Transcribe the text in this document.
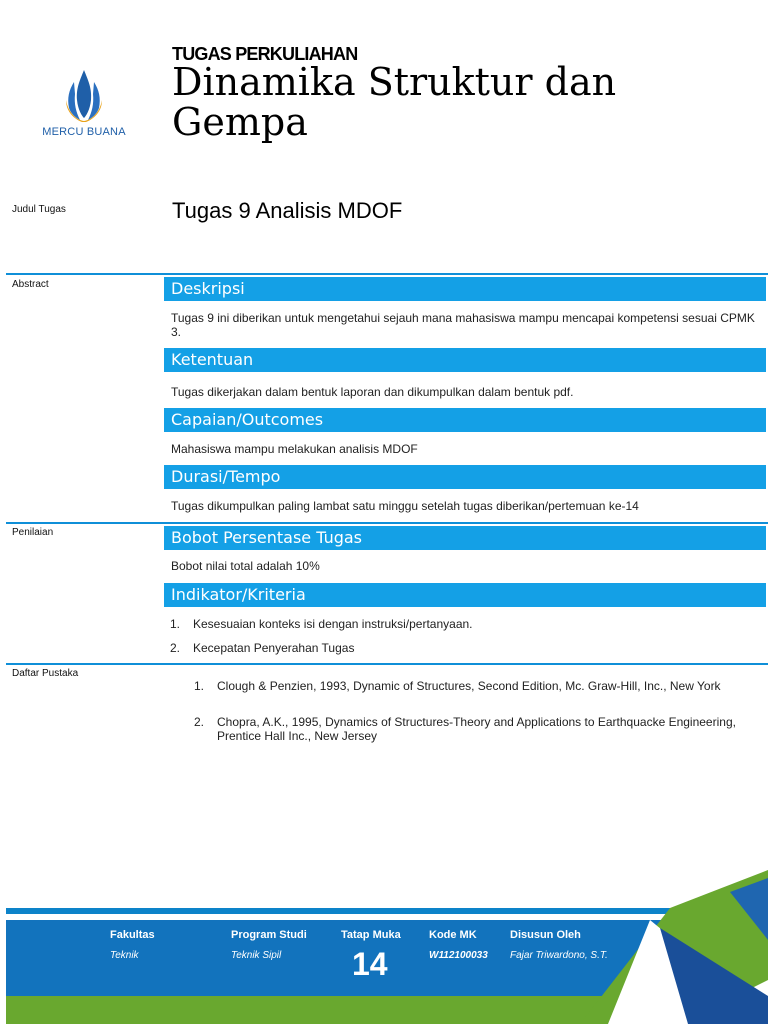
MERCU BUANA
TUGAS PERKULIAHAN
Dinamika Struktur dan Gempa
Judul Tugas	Tugas 9 Analisis MDOF
Abstract	Deskripsi
Tugas 9 ini diberikan untuk mengetahui sejauh mana mahasiswa mampu mencapai kompetensi sesuai CPMK 3.
Ketentuan
Tugas dikerjakan dalam bentuk laporan dan dikumpulkan dalam bentuk pdf.
Capaian/Outcomes
Mahasiswa mampu melakukan analisis MDOF
Durasi/Tempo
Tugas dikumpulkan paling lambat satu minggu setelah tugas diberikan/pertemuan ke-14
Penilaian	Bobot Persentase Tugas
Bobot nilai total adalah 10%
Indikator/Kriteria
1. Kesesuaian konteks isi dengan instruksi/pertanyaan.
2. Kecepatan Penyerahan Tugas
Daftar Pustaka
1. Clough & Penzien, 1993, Dynamic of Structures, Second Edition, Mc. Graw-Hill, Inc., New York
2. Chopra, A.K., 1995, Dynamics of Structures-Theory and Applications to Earthquacke Engineering, Prentice Hall Inc., New Jersey
Fakultas
Teknik
Program Studi
Teknik Sipil
Tatap Muka
14
Kode MK
W112100033
Disusun Oleh
Fajar Triwardono, S.T.
